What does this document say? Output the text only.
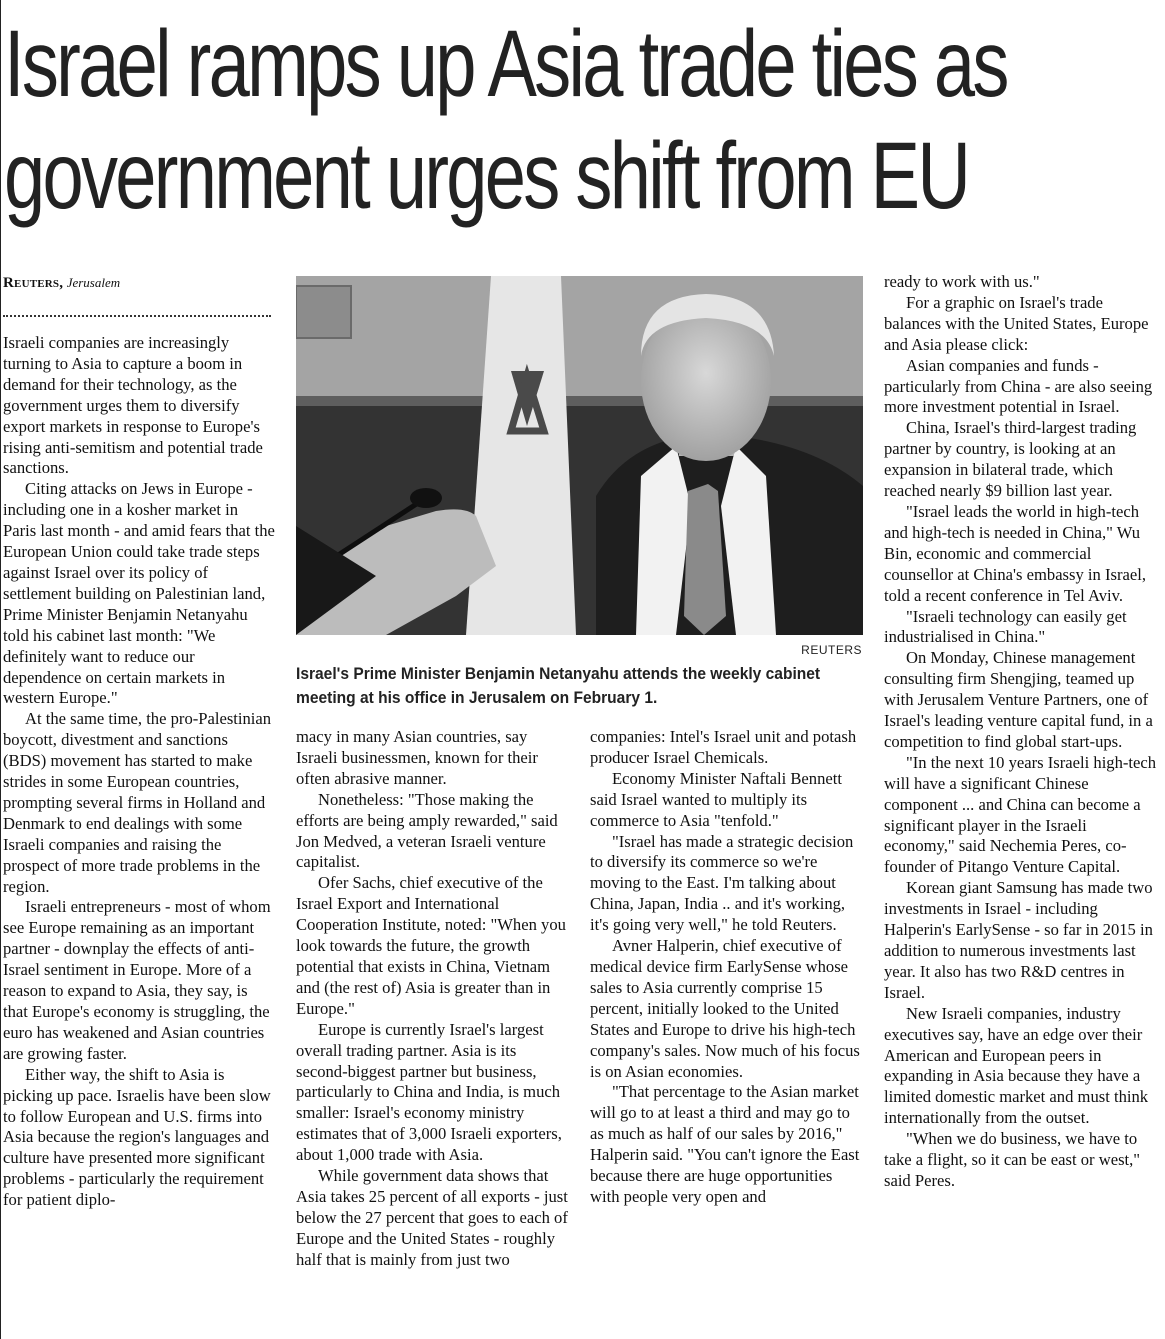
Israel ramps up Asia trade ties as
government urges shift from EU
Reuters, Jerusalem

Israeli companies are increasingly turning to Asia to capture a boom in demand for their technology, as the government urges them to diversify export markets in response to Europe's rising anti-semitism and potential trade sanctions.

Citing attacks on Jews in Europe - including one in a kosher market in Paris last month - and amid fears that the European Union could take trade steps against Israel over its policy of settlement building on Palestinian land, Prime Minister Benjamin Netanyahu told his cabinet last month: "We definitely want to reduce our dependence on certain markets in western Europe."

At the same time, the pro-Palestinian boycott, divestment and sanctions (BDS) movement has started to make strides in some European countries, prompting several firms in Holland and Denmark to end dealings with some Israeli companies and raising the prospect of more trade problems in the region.

Israeli entrepreneurs - most of whom see Europe remaining as an important partner - downplay the effects of anti-Israel sentiment in Europe. More of a reason to expand to Asia, they say, is that Europe's economy is struggling, the euro has weakened and Asian countries are growing faster.

Either way, the shift to Asia is picking up pace. Israelis have been slow to follow European and U.S. firms into Asia because the region's languages and culture have presented more significant problems - particularly the requirement for patient diplo-

REUTERS
Israel's Prime Minister Benjamin Netanyahu attends the weekly cabinet meeting at his office in Jerusalem on February 1.

macy in many Asian countries, say Israeli businessmen, known for their often abrasive manner.

Nonetheless: "Those making the efforts are being amply rewarded," said Jon Medved, a veteran Israeli venture capitalist.

Ofer Sachs, chief executive of the Israel Export and International Cooperation Institute, noted: "When you look towards the future, the growth potential that exists in China, Vietnam and (the rest of) Asia is greater than in Europe."

Europe is currently Israel's largest overall trading partner. Asia is its second-biggest partner but business, particularly to China and India, is much smaller: Israel's economy ministry estimates that of 3,000 Israeli exporters, about 1,000 trade with Asia.

While government data shows that Asia takes 25 percent of all exports - just below the 27 percent that goes to each of Europe and the United States - roughly half that is mainly from just two

companies: Intel's Israel unit and potash producer Israel Chemicals.

Economy Minister Naftali Bennett said Israel wanted to multiply its commerce to Asia "tenfold."

"Israel has made a strategic decision to diversify its commerce so we're moving to the East. I'm talking about China, Japan, India .. and it's working, it's going very well," he told Reuters.

Avner Halperin, chief executive of medical device firm EarlySense whose sales to Asia currently comprise 15 percent, initially looked to the United States and Europe to drive his high-tech company's sales. Now much of his focus is on Asian economies.

"That percentage to the Asian market will go to at least a third and may go to as much as half of our sales by 2016," Halperin said. "You can't ignore the East because there are huge opportunities with people very open and

ready to work with us."

For a graphic on Israel's trade balances with the United States, Europe and Asia please click:

Asian companies and funds - particularly from China - are also seeing more investment potential in Israel.

China, Israel's third-largest trading partner by country, is looking at an expansion in bilateral trade, which reached nearly $9 billion last year.

"Israel leads the world in high-tech and high-tech is needed in China," Wu Bin, economic and commercial counsellor at China's embassy in Israel, told a recent conference in Tel Aviv.

"Israeli technology can easily get industrialised in China."

On Monday, Chinese management consulting firm Shengjing, teamed up with Jerusalem Venture Partners, one of Israel's leading venture capital fund, in a competition to find global start-ups.

"In the next 10 years Israeli high-tech will have a significant Chinese component ... and China can become a significant player in the Israeli economy," said Nechemia Peres, co-founder of Pitango Venture Capital.

Korean giant Samsung has made two investments in Israel - including Halperin's EarlySense - so far in 2015 in addition to numerous investments last year. It also has two R&D centres in Israel.

New Israeli companies, industry executives say, have an edge over their American and European peers in expanding in Asia because they have a limited domestic market and must think internationally from the outset.

"When we do business, we have to take a flight, so it can be east or west," said Peres.
